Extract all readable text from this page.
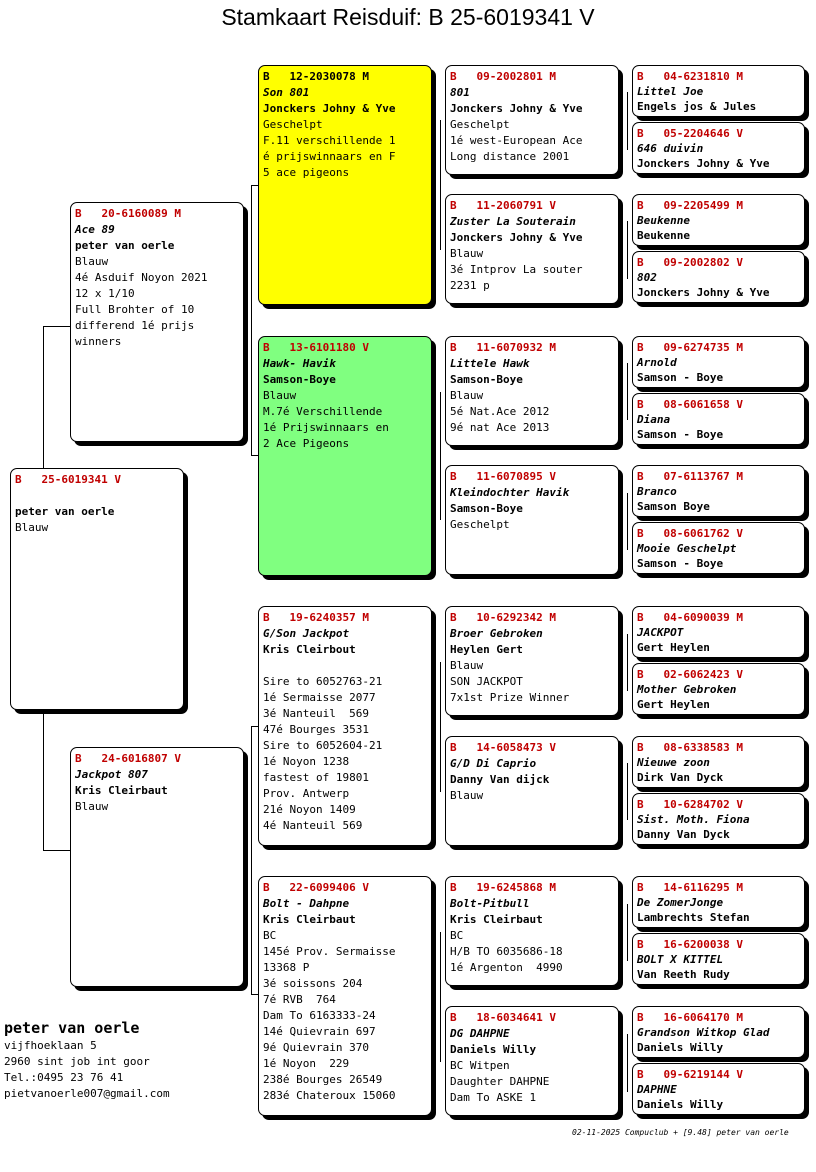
Stamkaart Reisduif: B 25-6019341 V
B   25-6019341 V

peter van oerle
Blauw
B   20-6160089 M
Ace 89
peter van oerle
Blauw
4é Asduif Noyon 2021
12 x 1/10
Full Brohter of 10
differend 1é prijs
winners
B   24-6016807 V
Jackpot 807
Kris Cleirbaut
Blauw
B   12-2030078 M
Son 801
Jonckers Johny & Yve
Geschelpt
F.11 verschillende 1
é prijswinnaars en F
5 ace pigeons
B   13-6101180 V
Hawk- Havik
Samson-Boye
Blauw
M.7é Verschillende
1é Prijswinnaars en
2 Ace Pigeons
B   19-6240357 M
G/Son Jackpot
Kris Cleirbout

Sire to 6052763-21
1é Sermaisse 2077
3é Nanteuil  569
47é Bourges 3531
Sire to 6052604-21
1é Noyon 1238
fastest of 19801
Prov. Antwerp
21é Noyon 1409
4é Nanteuil 569
B   22-6099406 V
Bolt - Dahpne
Kris Cleirbaut
BC
145é Prov. Sermaisse
13368 P
3é soissons 204
7é RVB  764
Dam To 6163333-24
14é Quievrain 697
9é Quievrain 370
1é Noyon  229
238é Bourges 26549
283é Chateroux 15060
B   09-2002801 M
801
Jonckers Johny & Yve
Geschelpt
1é west-European Ace
Long distance 2001
B   11-2060791 V
Zuster La Souterain
Jonckers Johny & Yve
Blauw
3é Intprov La souter
2231 p
B   11-6070932 M
Littele Hawk
Samson-Boye
Blauw
5é Nat.Ace 2012
9é nat Ace 2013
B   11-6070895 V
Kleindochter Havik
Samson-Boye
Geschelpt
B   10-6292342 M
Broer Gebroken
Heylen Gert
Blauw
SON JACKPOT
7x1st Prize Winner
B   14-6058473 V
G/D Di Caprio
Danny Van dijck
Blauw
B   19-6245868 M
Bolt-Pitbull
Kris Cleirbaut
BC
H/B TO 6035686-18
1é Argenton  4990
B   18-6034641 V
DG DAHPNE
Daniels Willy
BC Witpen
Daughter DAHPNE
Dam To ASKE 1
B   04-6231810 M
Littel Joe
Engels jos & Jules
B   05-2204646 V
646 duivin
Jonckers Johny & Yve
B   09-2205499 M
Beukenne
Beukenne
B   09-2002802 V
802
Jonckers Johny & Yve
B   09-6274735 M
Arnold
Samson - Boye
B   08-6061658 V
Diana
Samson - Boye
B   07-6113767 M
Branco
Samson Boye
B   08-6061762 V
Mooie Geschelpt
Samson - Boye
B   04-6090039 M
JACKPOT
Gert Heylen
B   02-6062423 V
Mother Gebroken
Gert Heylen
B   08-6338583 M
Nieuwe zoon
Dirk Van Dyck
B   10-6284702 V
Sist. Moth. Fiona
Danny Van Dyck
B   14-6116295 M
De ZomerJonge
Lambrechts Stefan
B   16-6200038 V
BOLT X KITTEL
Van Reeth Rudy
B   16-6064170 M
Grandson Witkop Glad
Daniels Willy
B   09-6219144 V
DAPHNE
Daniels Willy
peter van oerle
vijfhoeklaan 5
2960 sint job int goor
Tel.:0495 23 76 41
pietvanoerle007@gmail.com
02-11-2025 Compuclub + [9.48] peter van oerle
